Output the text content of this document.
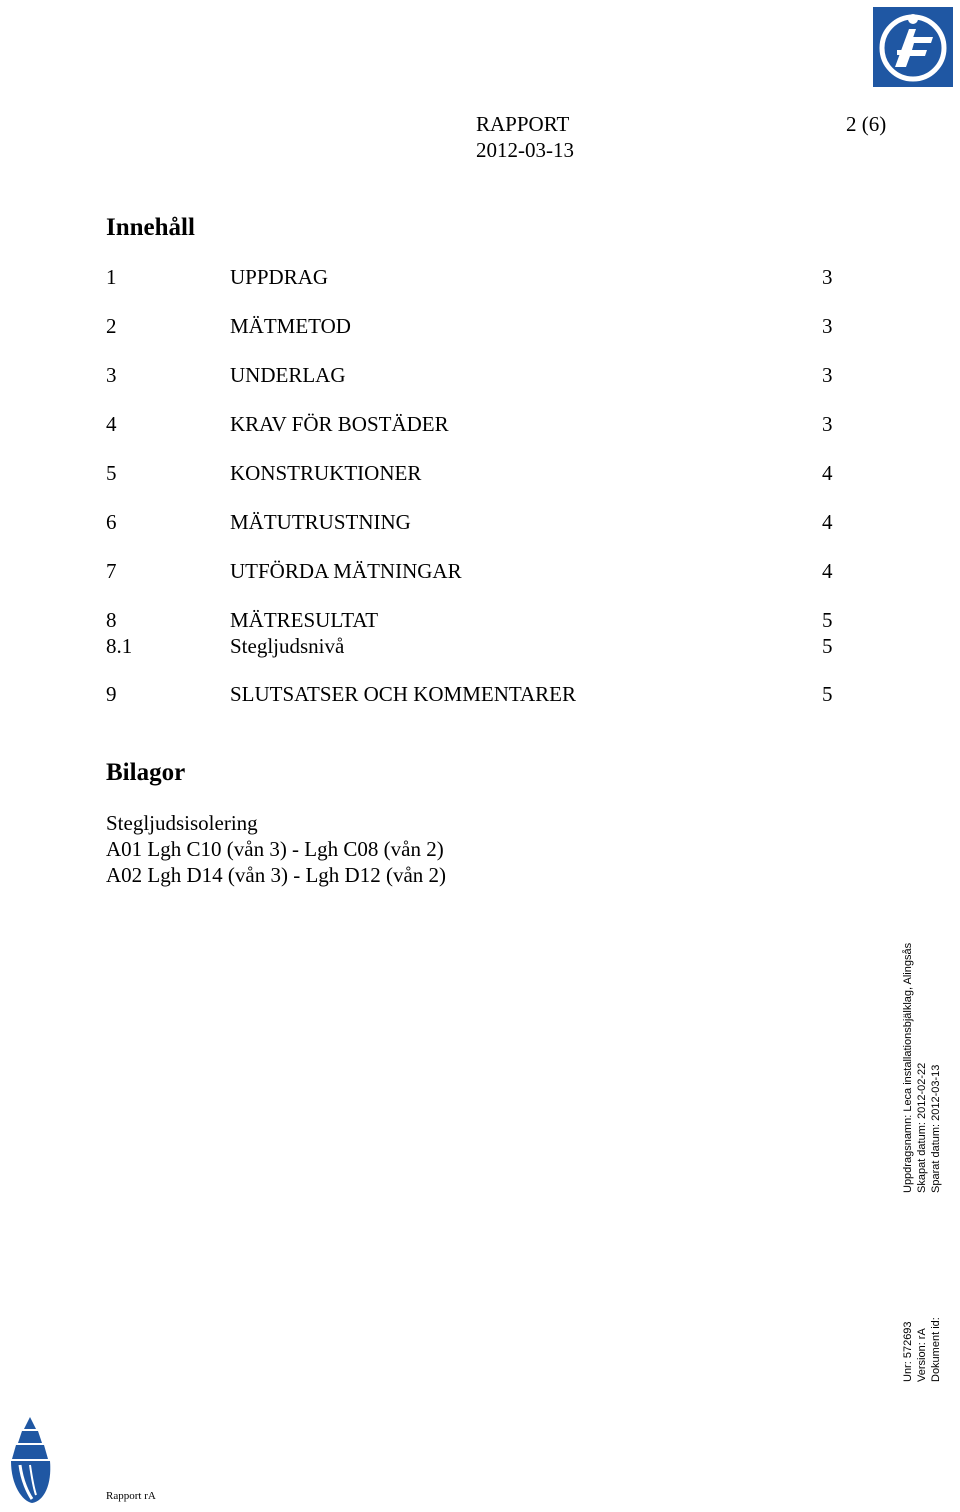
RAPPORT	2 (6)
2012-03-13
Innehåll
1	UPPDRAG	3
2	MÄTMETOD	3
3	UNDERLAG	3
4	KRAV FÖR BOSTÄDER	3
5	KONSTRUKTIONER	4
6	MÄTUTRUSTNING	4
7	UTFÖRDA MÄTNINGAR	4
8	MÄTRESULTAT	5
8.1	Stegljudsnivå	5
9	SLUTSATSER OCH KOMMENTARER	5
Bilagor
Stegljudsisolering
A01 Lgh C10 (vån 3) - Lgh C08 (vån 2)
A02 Lgh D14 (vån 3) - Lgh D12 (vån 2)
Uppdragsnamn: Leca installationsbjälklag, Alingsås Skapat datum: 2012-02-22 Sparat datum: 2012-03-13
Unr: 572693 Version: rA Dokument id:
Rapport rA
